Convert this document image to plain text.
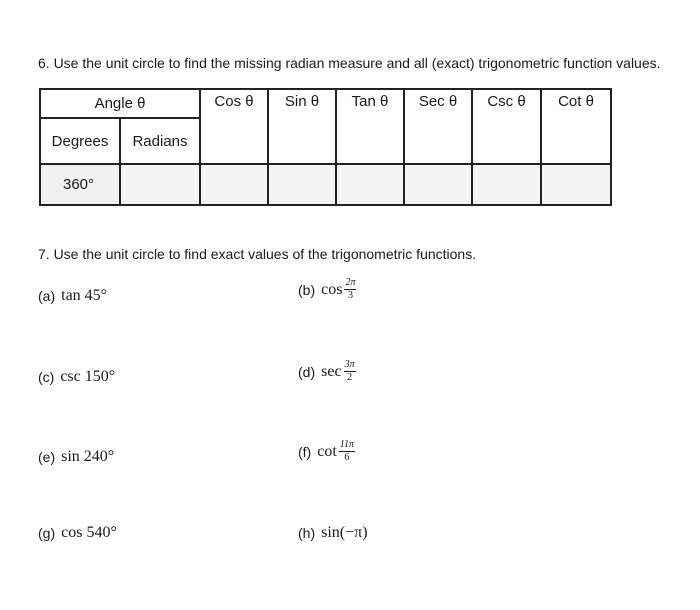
6. Use the unit circle to find the missing radian measure and all (exact) trigonometric function values.
Angle θ		Cos θ	Sin θ	Tan θ	Sec θ	Csc θ	Cot θ
Degrees	Radians						
360°							
7. Use the unit circle to find exact values of the trigonometric functions.
(a) tan 45°	(b) $\cos \frac{2\pi}{3}$
(c) csc 150°	(d) $\sec \frac{3\pi}{2}$
(e) sin 240°	(f) $\cot \frac{11\pi}{6}$
(g) cos 540°	(h) sin(−π)
